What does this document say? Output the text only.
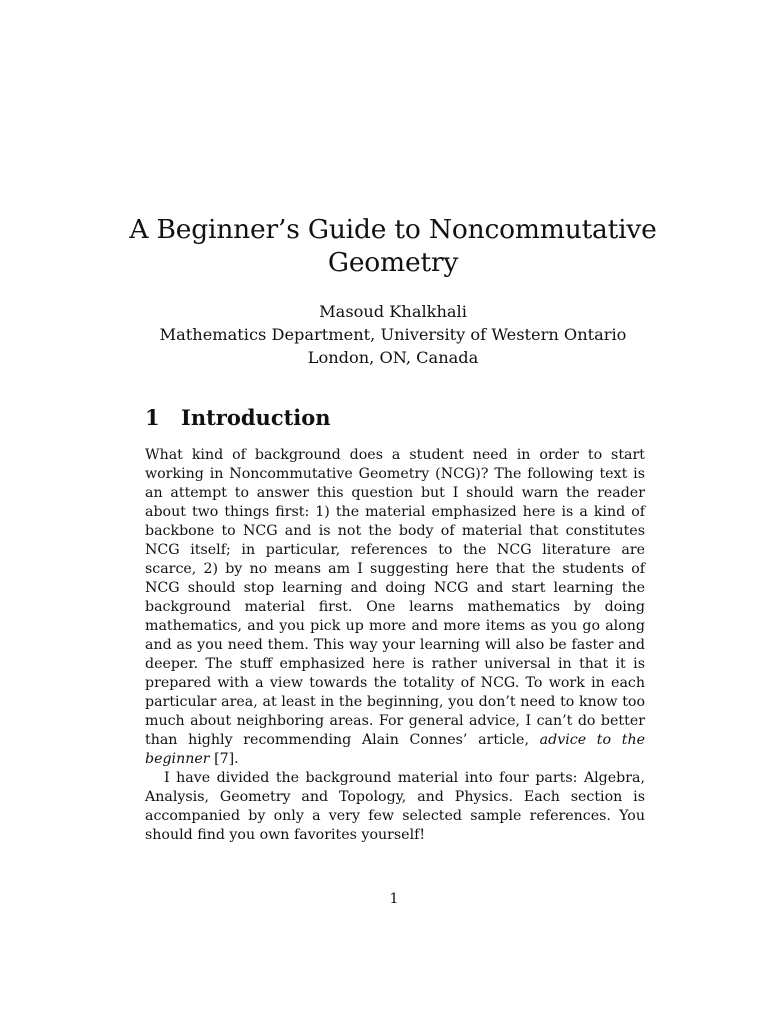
A Beginner’s Guide to Noncommutative Geometry
Masoud Khalkhali
Mathematics Department, University of Western Ontario
London, ON, Canada
1 Introduction

What kind of background does a student need in order to start working in Noncommutative Geometry (NCG)? The following text is an attempt to answer this question but I should warn the reader about two things first: 1) the material emphasized here is a kind of backbone to NCG and is not the body of material that constitutes NCG itself; in particular, references to the NCG literature are scarce, 2) by no means am I suggesting here that the students of NCG should stop learning and doing NCG and start learning the background material first. One learns mathematics by doing mathematics, and you pick up more and more items as you go along and as you need them. This way your learning will also be faster and deeper. The stuff emphasized here is rather universal in that it is prepared with a view towards the totality of NCG. To work in each particular area, at least in the beginning, you don’t need to know too much about neighboring areas. For general advice, I can’t do better than highly recommending Alain Connes’ article, advice to the beginner [7].

I have divided the background material into four parts: Algebra, Analysis, Geometry and Topology, and Physics. Each section is accompanied by only a very few selected sample references. You should find you own favorites yourself!

1
